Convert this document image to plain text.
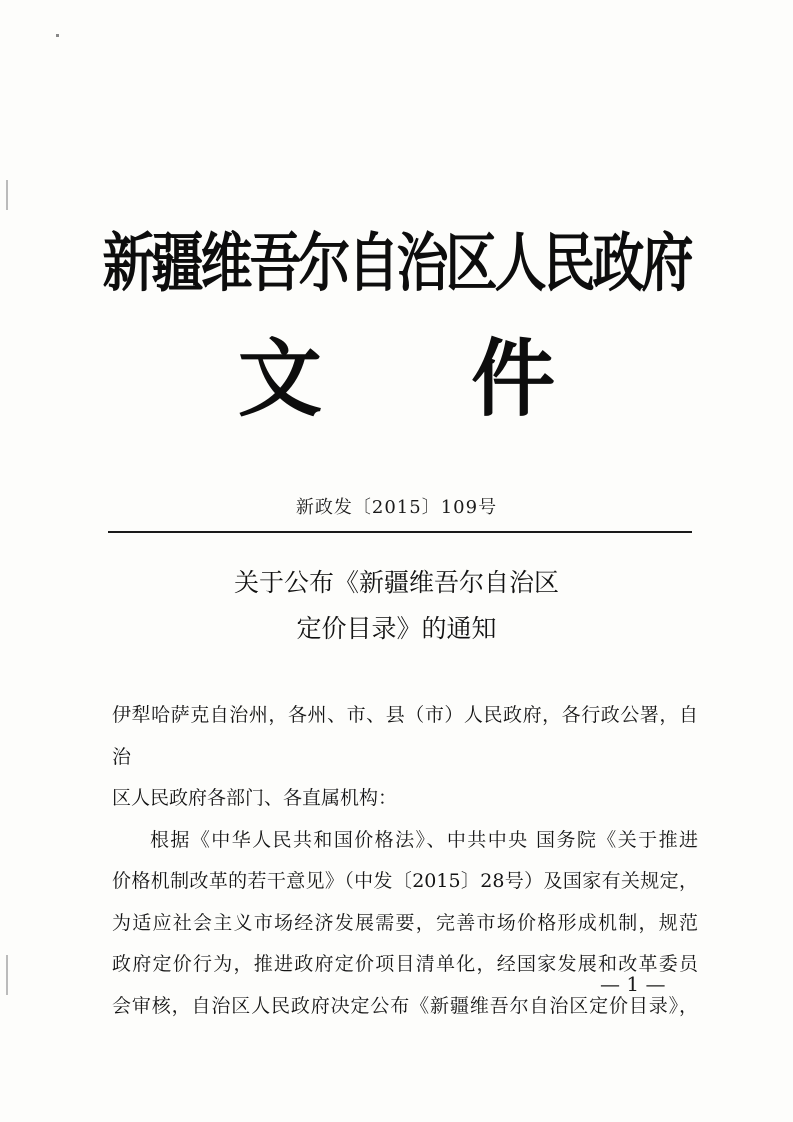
新疆维吾尔自治区人民政府
文 件
新政发〔2015〕109号
关于公布《新疆维吾尔自治区
定价目录》的通知

伊犁哈萨克自治州，各州、市、县（市）人民政府，各行政公署，自治

区人民政府各部门、各直属机构：

根据《中华人民共和国价格法》、中共中央 国务院《关于推进

价格机制改革的若干意见》（中发〔2015〕28号）及国家有关规定，

为适应社会主义市场经济发展需要，完善市场价格形成机制，规范

政府定价行为，推进政府定价项目清单化，经国家发展和改革委员

会审核，自治区人民政府决定公布《新疆维吾尔自治区定价目录》，

— 1 —
